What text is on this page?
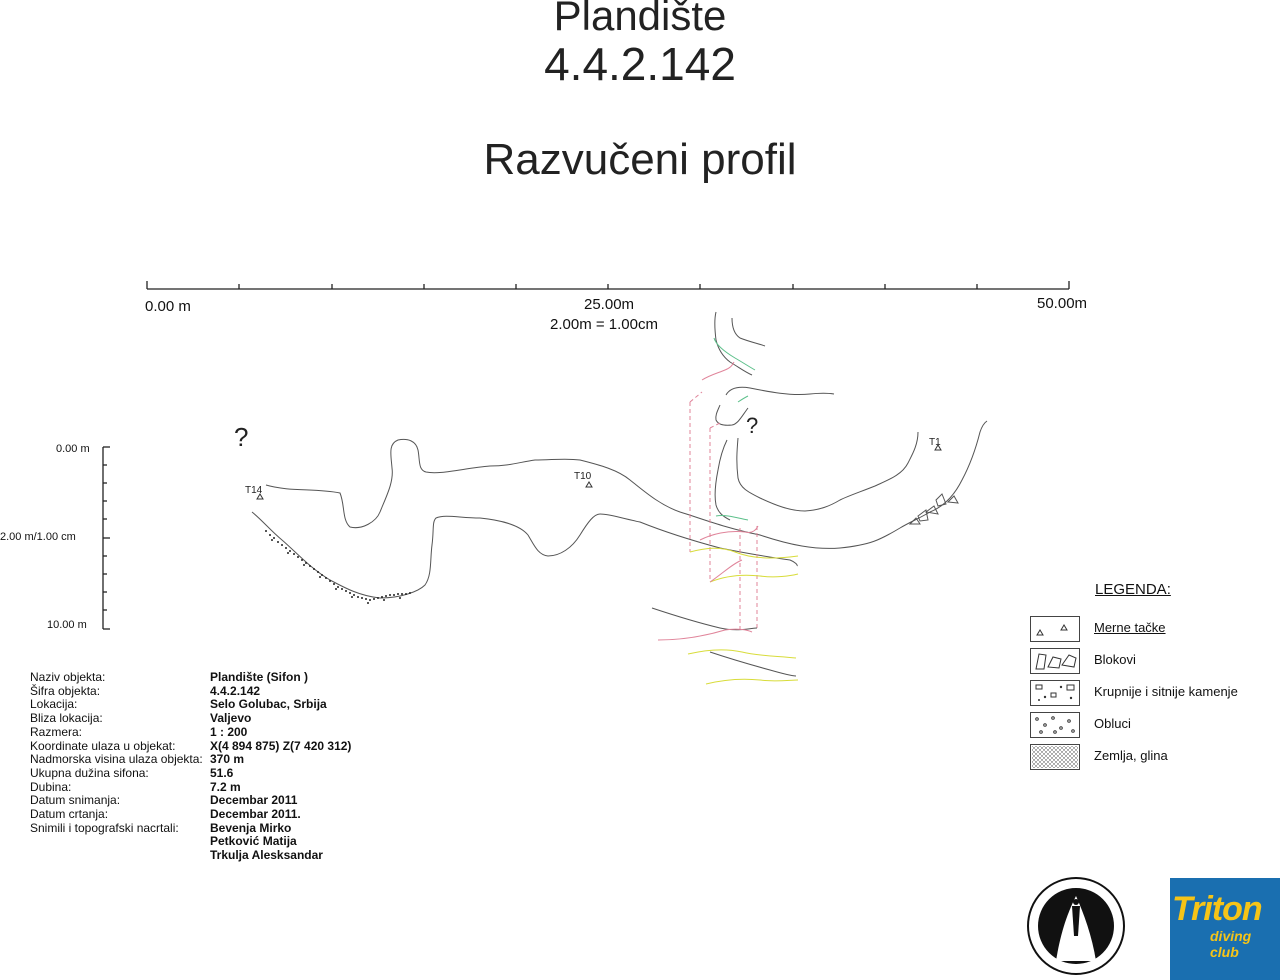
Plandište
4.4.2.142
Razvučeni profil
0.00 m	25.00m	50.00m
2.00m = 1.00cm
0.00 m
2.00 m/1.00 cm
10.00 m
T14
T10
T1
?	?
Naziv objekta:	Plandište (Sifon )
Šifra objekta:	4.4.2.142
Lokacija:	Selo Golubac, Srbija
Bliza lokacija:	Valjevo
Razmera:	1 : 200
Koordinate ulaza u objekat:	X(4 894 875) Z(7 420 312)
Nadmorska visina ulaza objekta: 370 m
Ukupna dužina sifona:	51.6
Dubina:	7.2 m
Datum snimanja:	Decembar 2011
Datum crtanja:	Decembar 2011.
Snimili i topografski nacrtali:	Bevenja Mirko
Petković Matija
Trkulja Alesksandar
LEGENDA:
Merne tačke
Blokovi
Krupnije i sitnije kamenje
Obluci
Zemlja, glina
Triton
diving club
